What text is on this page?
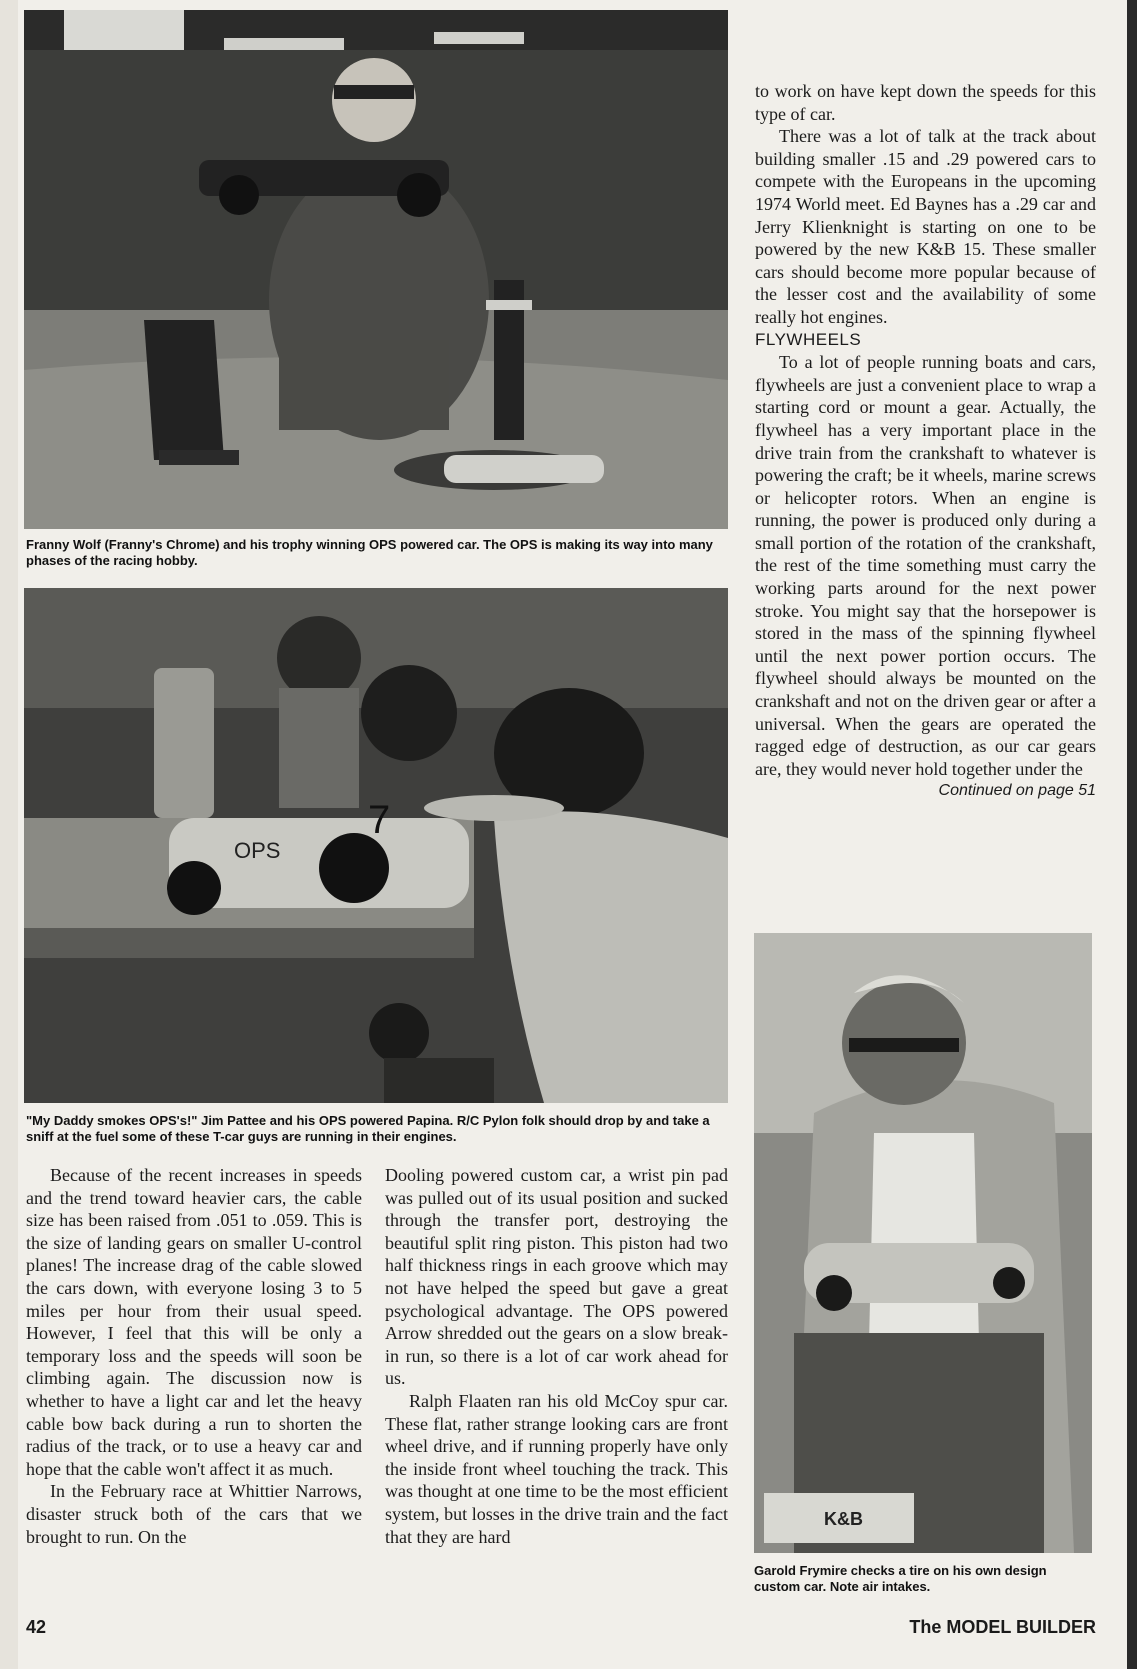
Franny Wolf (Franny's Chrome) and his trophy winning OPS powered car. The OPS is making its way into many phases of the racing hobby.
OPS
7
"My Daddy smokes OPS's!" Jim Pattee and his OPS powered Papina. R/C Pylon folk should drop by and take a sniff at the fuel some of these T-car guys are running in their engines.

Because of the recent increases in speeds and the trend toward heavier cars, the cable size has been raised from .051 to .059. This is the size of landing gears on smaller U-control planes! The increase drag of the cable slowed the cars down, with everyone losing 3 to 5 miles per hour from their usual speed. However, I feel that this will be only a temporary loss and the speeds will soon be climbing again. The discussion now is whether to have a light car and let the heavy cable bow back during a run to shorten the radius of the track, or to use a heavy car and hope that the cable won't affect it as much.

In the February race at Whittier Narrows, disaster struck both of the cars that we brought to run. On the

Dooling powered custom car, a wrist pin pad was pulled out of its usual position and sucked through the transfer port, destroying the beautiful split ring piston. This piston had two half thickness rings in each groove which may not have helped the speed but gave a great psychological advantage. The OPS powered Arrow shredded out the gears on a slow break-in run, so there is a lot of car work ahead for us.

Ralph Flaaten ran his old McCoy spur car. These flat, rather strange looking cars are front wheel drive, and if running properly have only the inside front wheel touching the track. This was thought at one time to be the most efficient system, but losses in the drive train and the fact that they are hard

to work on have kept down the speeds for this type of car.

There was a lot of talk at the track about building smaller .15 and .29 powered cars to compete with the Europeans in the upcoming 1974 World meet. Ed Baynes has a .29 car and Jerry Klienknight is starting on one to be powered by the new K&B 15. These smaller cars should become more popular because of the lesser cost and the availability of some really hot engines.

FLYWHEELS

To a lot of people running boats and cars, flywheels are just a convenient place to wrap a starting cord or mount a gear. Actually, the flywheel has a very important place in the drive train from the crankshaft to whatever is powering the craft; be it wheels, marine screws or helicopter rotors. When an engine is running, the power is produced only during a small portion of the rotation of the crankshaft, the rest of the time something must carry the working parts around for the next power stroke. You might say that the horsepower is stored in the mass of the spinning flywheel until the next power portion occurs. The flywheel should always be mounted on the crankshaft and not on the driven gear or after a universal. When the gears are operated the ragged edge of destruction, as our car gears are, they would never hold together under the

Continued on page 51

K&B
Garold Frymire checks a tire on his own design custom car. Note air intakes.
42	The MODEL BUILDER
